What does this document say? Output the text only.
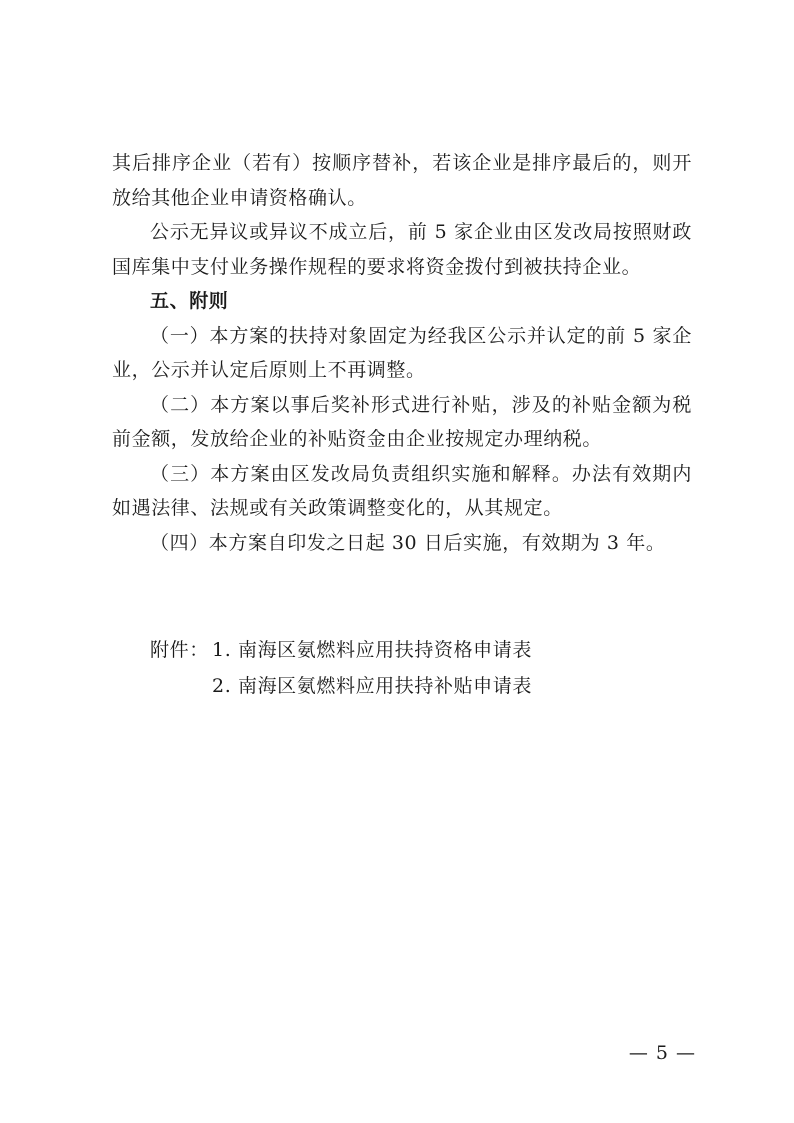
其后排序企业（若有）按顺序替补，若该企业是排序最后的，则开放给其他企业申请资格确认。

公示无异议或异议不成立后，前 5 家企业由区发改局按照财政国库集中支付业务操作规程的要求将资金拨付到被扶持企业。

五、附则

（一）本方案的扶持对象固定为经我区公示并认定的前 5 家企业，公示并认定后原则上不再调整。

（二）本方案以事后奖补形式进行补贴，涉及的补贴金额为税前金额，发放给企业的补贴资金由企业按规定办理纳税。

（三）本方案由区发改局负责组织实施和解释。办法有效期内如遇法律、法规或有关政策调整变化的，从其规定。

（四）本方案自印发之日起 30 日后实施，有效期为 3 年。

附件： 1. 南海区氨燃料应用扶持资格申请表
2. 南海区氨燃料应用扶持补贴申请表
— 5 —
